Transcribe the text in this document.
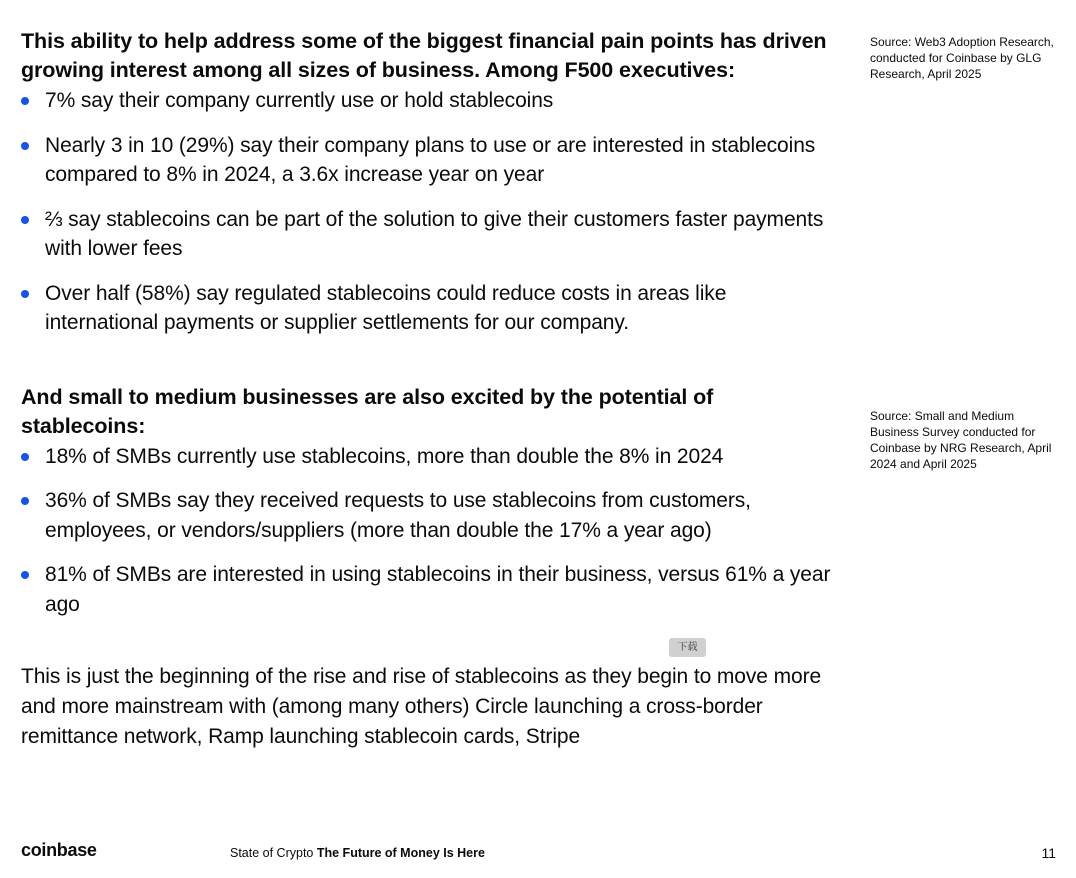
This ability to help address some of the biggest financial pain points has driven growing interest among all sizes of business. Among F500 executives:

7% say their company currently use or hold stablecoins
Nearly 3 in 10 (29%) say their company plans to use or are interested in stablecoins compared to 8% in 2024, a 3.6x increase year on year
⅔ say stablecoins can be part of the solution to give their customers faster payments with lower fees
Over half (58%) say regulated stablecoins could reduce costs in areas like international payments or supplier settlements for our company.

And small to medium businesses are also excited by the potential of stablecoins:

18% of SMBs currently use stablecoins, more than double the 8% in 2024
36% of SMBs say they received requests to use stablecoins from customers, employees, or vendors/suppliers (more than double the 17% a year ago)
81% of SMBs are interested in using stablecoins in their business, versus 61% a year ago

This is just the beginning of the rise and rise of stablecoins as they begin to move more and more mainstream with (among many others) Circle launching a cross-border remittance network, Ramp launching stablecoin cards, Stripe

Source: Web3 Adoption Research, conducted for Coinbase by GLG Research, April 2025
Source: Small and Medium Business Survey conducted for Coinbase by NRG Research, April 2024 and April 2025
下载
coinbase	State of Crypto The Future of Money Is Here	11
